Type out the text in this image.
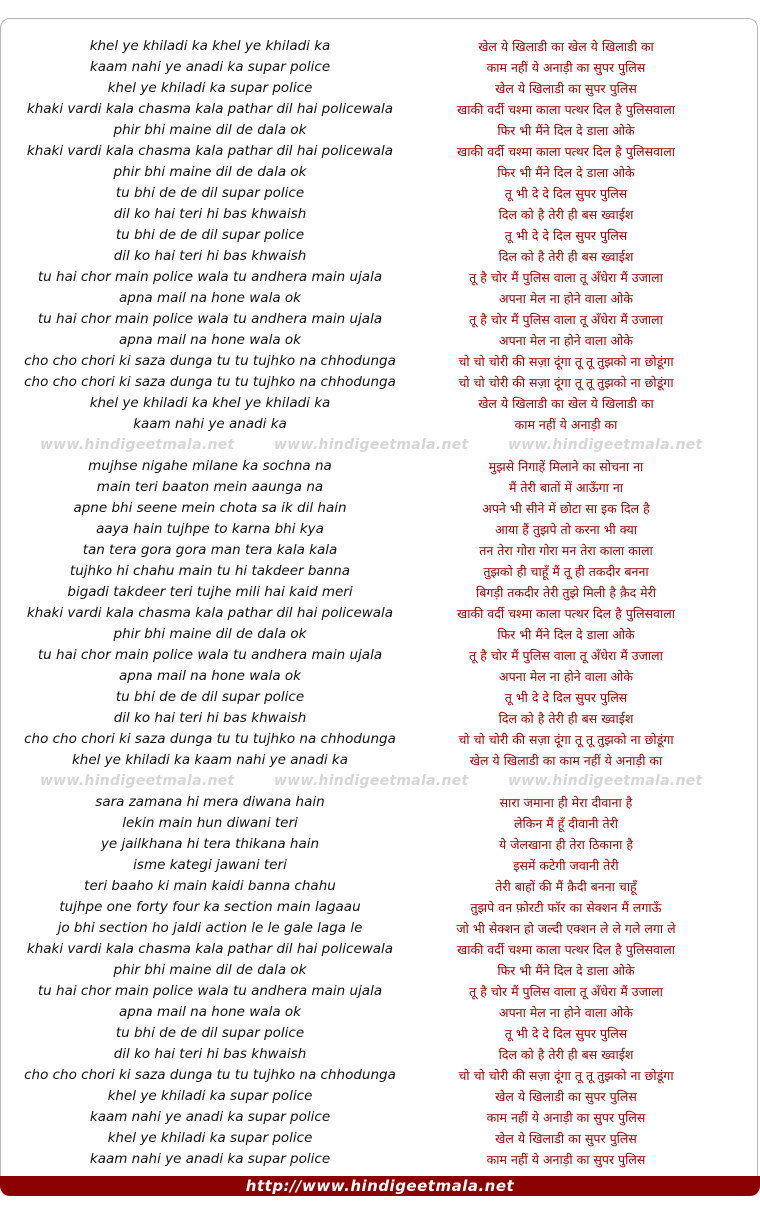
khel ye khiladi ka khel ye khiladi ka	खेल ये खिलाडी का खेल ये खिलाडी का
kaam nahi ye anadi ka supar police	काम नहीं ये अनाड़ी का सुपर पुलिस
khel ye khiladi ka supar police	खेल ये खिलाडी का सुपर पुलिस
khaki vardi kala chasma kala pathar dil hai policewala	खाकी वर्दी चश्मा काला पत्थर दिल है पुलिसवाला
phir bhi maine dil de dala ok	फिर भी मैंने दिल दे डाला ओके
khaki vardi kala chasma kala pathar dil hai policewala	खाकी वर्दी चश्मा काला पत्थर दिल है पुलिसवाला
phir bhi maine dil de dala ok	फिर भी मैंने दिल दे डाला ओके
tu bhi de de dil supar police	तू भी दे दे दिल सुपर पुलिस
dil ko hai teri hi bas khwaish	दिल को है तेरी ही बस ख्वाईश
tu bhi de de dil supar police	तू भी दे दे दिल सुपर पुलिस
dil ko hai teri hi bas khwaish	दिल को है तेरी ही बस ख्वाईश
tu hai chor main police wala tu andhera main ujala	तू है चोर मैं पुलिस वाला तू अँधेरा मैं उजाला
apna mail na hone wala ok	अपना मेल ना होने वाला ओके
tu hai chor main police wala tu andhera main ujala	तू है चोर मैं पुलिस वाला तू अँधेरा मैं उजाला
apna mail na hone wala ok	अपना मेल ना होने वाला ओके
cho cho chori ki saza dunga tu tu tujhko na chhodunga	चो चो चोरी की सज़ा दूंगा तू तू तुझको ना छोडूंगा
cho cho chori ki saza dunga tu tu tujhko na chhodunga	चो चो चोरी की सज़ा दूंगा तू तू तुझको ना छोडूंगा
khel ye khiladi ka khel ye khiladi ka	खेल ये खिलाडी का खेल ये खिलाडी का
kaam nahi ye anadi ka	काम नहीं ये अनाड़ी का
www.hindigeetmala.net	www.hindigeetmala.net	www.hindigeetmala.net
mujhse nigahe milane ka sochna na	मुझसे निगाहें मिलाने का सोचना ना
main teri baaton mein aaunga na	मैं तेरी बातों में आऊँगा ना
apne bhi seene mein chota sa ik dil hain	अपने भी सीने में छोटा सा इक दिल है
aaya hain tujhpe to karna bhi kya	आया हैं तुझपे तो करना भी क्या
tan tera gora gora man tera kala kala	तन तेरा गोरा गोरा मन तेरा काला काला
tujhko hi chahu main tu hi takdeer banna	तुझको ही चाहूँ मैं तू ही तकदीर बनना
bigadi takdeer teri tujhe mili hai kaid meri	बिगड़ी तकदीर तेरी तुझे मिली है क़ैद मेरी
khaki vardi kala chasma kala pathar dil hai policewala	खाकी वर्दी चश्मा काला पत्थर दिल है पुलिसवाला
phir bhi maine dil de dala ok	फिर भी मैंने दिल दे डाला ओके
tu hai chor main police wala tu andhera main ujala	तू है चोर मैं पुलिस वाला तू अँधेरा मैं उजाला
apna mail na hone wala ok	अपना मेल ना होने वाला ओके
tu bhi de de dil supar police	तू भी दे दे दिल सुपर पुलिस
dil ko hai teri hi bas khwaish	दिल को है तेरी ही बस ख्वाईश
cho cho chori ki saza dunga tu tu tujhko na chhodunga	चो चो चोरी की सज़ा दूंगा तू तू तुझको ना छोडूंगा
khel ye khiladi ka kaam nahi ye anadi ka	खेल ये खिलाडी का काम नहीं ये अनाड़ी का
www.hindigeetmala.net	www.hindigeetmala.net	www.hindigeetmala.net
sara zamana hi mera diwana hain	सारा जमाना ही मेरा दीवाना है
lekin main hun diwani teri	लेकिन मैं हूँ दीवानी तेरी
ye jailkhana hi tera thikana hain	ये जेलखाना ही तेरा ठिकाना है
isme kategi jawani teri	इसमें कटेगी जवानी तेरी
teri baaho ki main kaidi banna chahu	तेरी बाहों की मैं क़ैदी बनना चाहूँ
tujhpe one forty four ka section main lagaau	तुझपे वन फ़ोरटी फॉर का सेक्शन मैं लगाऊँ
jo bhi section ho jaldi action le le gale laga le	जो भी सेक्शन हो जल्दी एक्शन ले ले गले लगा ले
khaki vardi kala chasma kala pathar dil hai policewala	खाकी वर्दी चश्मा काला पत्थर दिल है पुलिसवाला
phir bhi maine dil de dala ok	फिर भी मैंने दिल दे डाला ओके
tu hai chor main police wala tu andhera main ujala	तू है चोर मैं पुलिस वाला तू अँधेरा मैं उजाला
apna mail na hone wala ok	अपना मेल ना होने वाला ओके
tu bhi de de dil supar police	तू भी दे दे दिल सुपर पुलिस
dil ko hai teri hi bas khwaish	दिल को है तेरी ही बस ख्वाईश
cho cho chori ki saza dunga tu tu tujhko na chhodunga	चो चो चोरी की सज़ा दूंगा तू तू तुझको ना छोडूंगा
khel ye khiladi ka supar police	खेल ये खिलाडी का सुपर पुलिस
kaam nahi ye anadi ka supar police	काम नहीं ये अनाड़ी का सुपर पुलिस
khel ye khiladi ka supar police	खेल ये खिलाडी का सुपर पुलिस
kaam nahi ye anadi ka supar police	काम नहीं ये अनाड़ी का सुपर पुलिस
http://www.hindigeetmala.net
